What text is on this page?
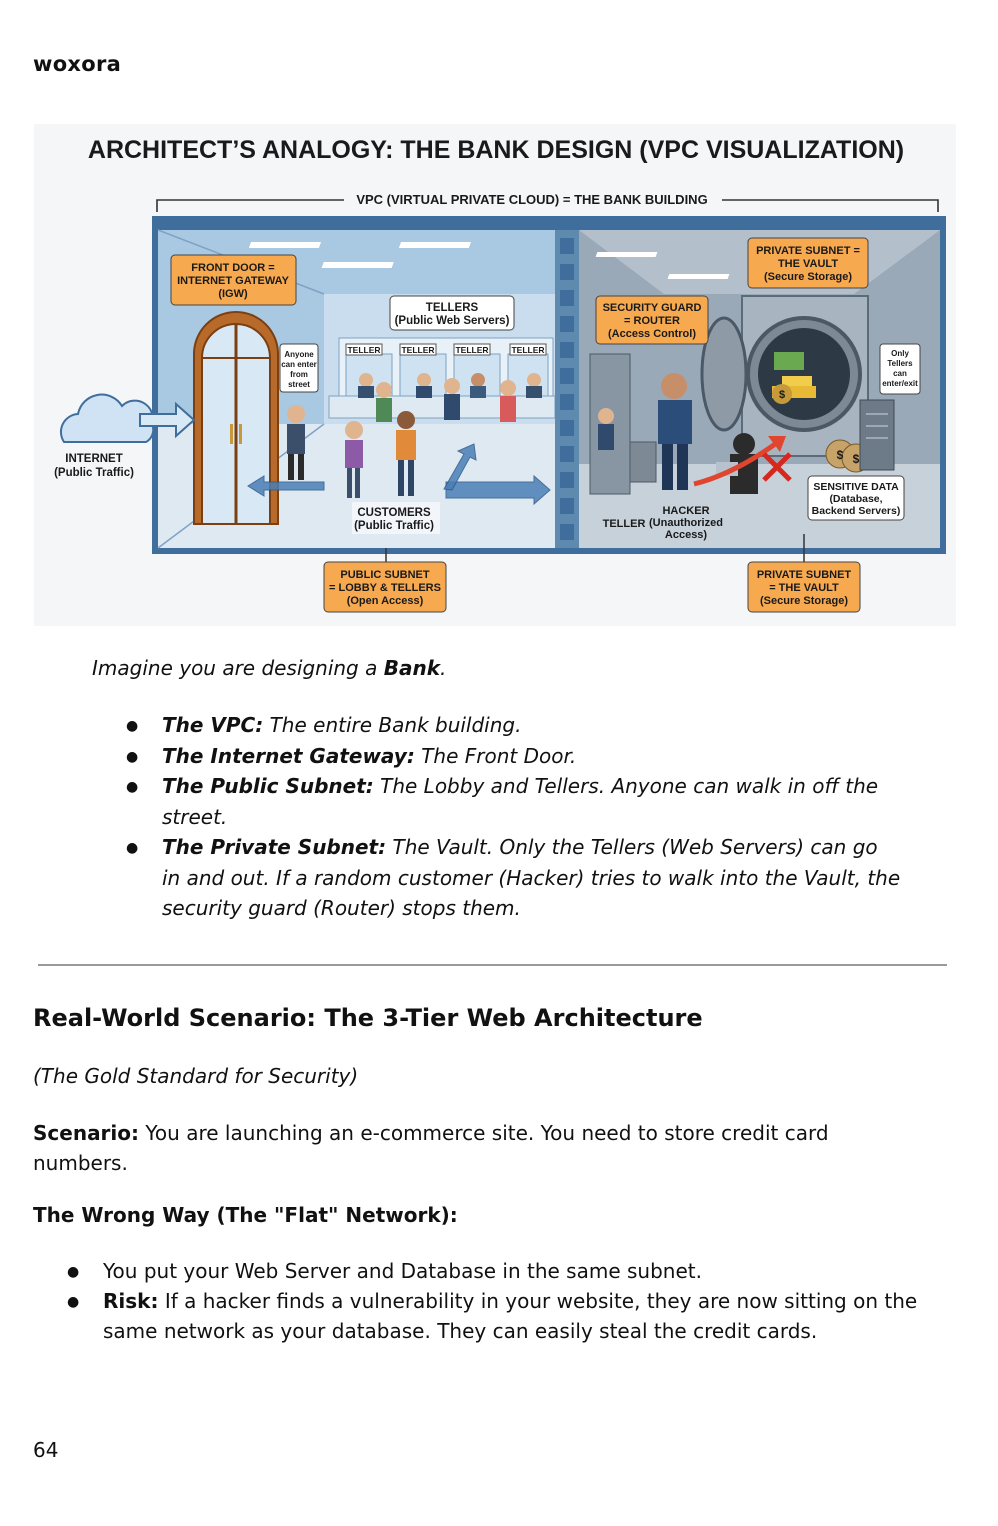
woxora
ARCHITECT’S ANALOGY: THE BANK DESIGN (VPC VISUALIZATION)
VPC (VIRTUAL PRIVATE CLOUD) = THE BANK BUILDING
TELLER TELLER TELLER	TELLER
FRONT DOOR =
INTERNET GATEWAY
(IGW)
TELLERS
(Public Web Servers)
Anyone
can enter
from
street
CUSTOMERS
(Public Traffic)
INTERNET
(Public Traffic)
$
$ $
SECURITY GUARD
= ROUTER
(Access Control)
PRIVATE SUBNET =
THE VAULT
(Secure Storage)
Only
Tellers
can
enter/exit
SENSITIVE DATA
(Database,
Backend Servers)
HACKER
(Unauthorized
Access)
TELLER
PUBLIC SUBNET
= LOBBY & TELLERS
(Open Access)
PRIVATE SUBNET
= THE VAULT
(Secure Storage)
Imagine you are designing a Bank.
● The VPC: The entire Bank building.
● The Internet Gateway: The Front Door.
● The Public Subnet: The Lobby and Tellers. Anyone can walk in off the street.
● The Private Subnet: The Vault. Only the Tellers (Web Servers) can go in and out. If a random customer (Hacker) tries to walk into the Vault, the security guard (Router) stops them.
Real-World Scenario: The 3-Tier Web Architecture
(The Gold Standard for Security)
Scenario: You are launching an e-commerce site. You need to store credit card numbers.
The Wrong Way (The "Flat" Network):
● You put your Web Server and Database in the same subnet.
● Risk: If a hacker finds a vulnerability in your website, they are now sitting on the same network as your database. They can easily steal the credit cards.
64
